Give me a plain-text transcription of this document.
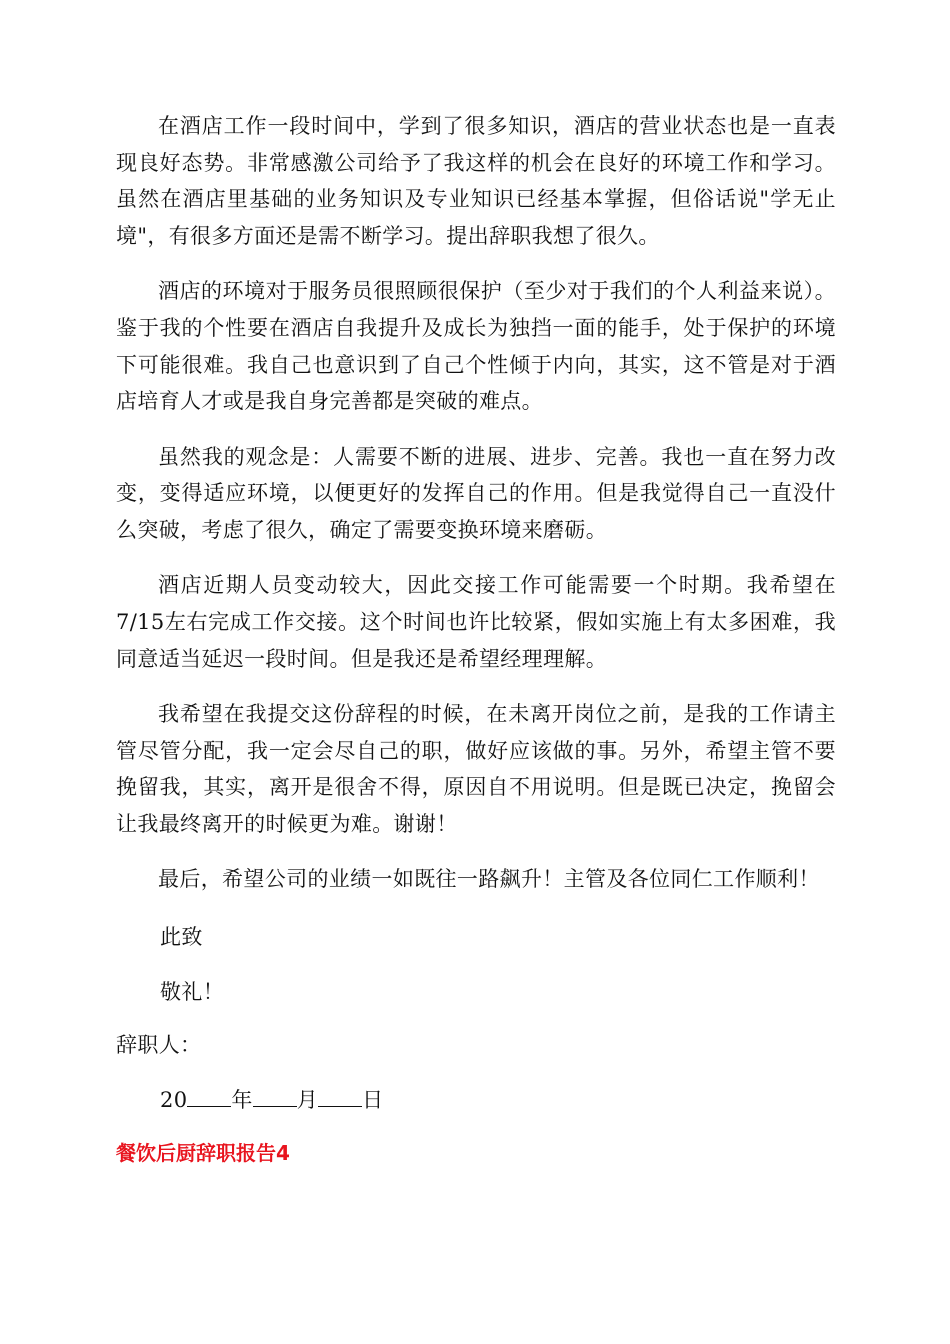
在酒店工作一段时间中，学到了很多知识，酒店的营业状态也是一直表现良好态势。非常感激公司给予了我这样的机会在良好的环境工作和学习。虽然在酒店里基础的业务知识及专业知识已经基本掌握，但俗话说"学无止境"，有很多方面还是需不断学习。提出辞职我想了很久。

酒店的环境对于服务员很照顾很保护（至少对于我们的个人利益来说）。鉴于我的个性要在酒店自我提升及成长为独挡一面的能手，处于保护的环境下可能很难。我自己也意识到了自己个性倾于内向，其实，这不管是对于酒店培育人才或是我自身完善都是突破的难点。

虽然我的观念是：人需要不断的进展、进步、完善。我也一直在努力改变，变得适应环境，以便更好的发挥自己的作用。但是我觉得自己一直没什么突破，考虑了很久，确定了需要变换环境来磨砺。

酒店近期人员变动较大，因此交接工作可能需要一个时期。我希望在7/15左右完成工作交接。这个时间也许比较紧，假如实施上有太多困难，我同意适当延迟一段时间。但是我还是希望经理理解。

我希望在我提交这份辞程的时候，在未离开岗位之前，是我的工作请主管尽管分配，我一定会尽自己的职，做好应该做的事。另外，希望主管不要挽留我，其实，离开是很舍不得，原因自不用说明。但是既已决定，挽留会让我最终离开的时候更为难。谢谢！

最后，希望公司的业绩一如既往一路飙升！主管及各位同仁工作顺利！

此致

敬礼！

辞职人：

20 年 月 日

餐饮后厨辞职报告4
